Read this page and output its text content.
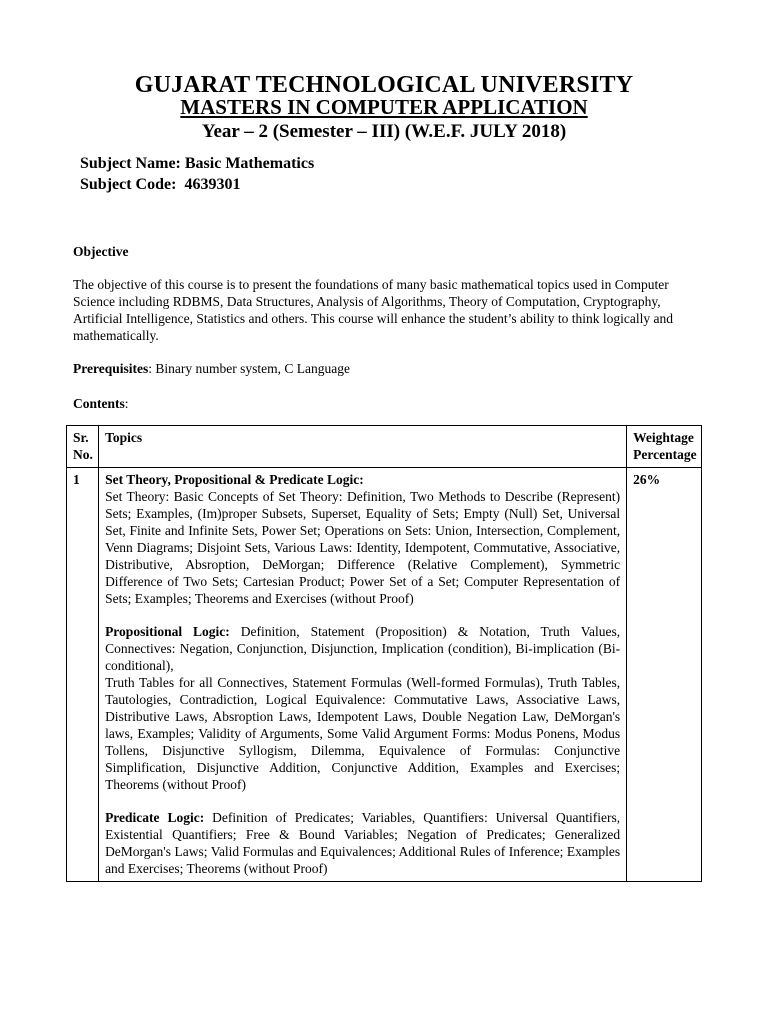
GUJARAT TECHNOLOGICAL UNIVERSITY
MASTERS IN COMPUTER APPLICATION
Year – 2 (Semester – III) (W.E.F. JULY 2018)
Subject Name: Basic Mathematics
Subject Code: 4639301
Objective
The objective of this course is to present the foundations of many basic mathematical topics used in Computer Science including RDBMS, Data Structures, Analysis of Algorithms, Theory of Computation, Cryptography, Artificial Intelligence, Statistics and others. This course will enhance the student’s ability to think logically and mathematically.
Prerequisites: Binary number system, C Language
Contents:
Sr. No.	Topics	Weightage Percentage
1	Set Theory, Propositional & Predicate Logic:
Set Theory: Basic Concepts of Set Theory: Definition, Two Methods to Describe (Represent) Sets; Examples, (Im)proper Subsets, Superset, Equality of Sets; Empty (Null) Set, Universal Set, Finite and Infinite Sets, Power Set; Operations on Sets: Union, Intersection, Complement, Venn Diagrams; Disjoint Sets, Various Laws: Identity, Idempotent, Commutative, Associative, Distributive, Absroption, DeMorgan; Difference (Relative Complement), Symmetric Difference of Two Sets; Cartesian Product; Power Set of a Set; Computer Representation of Sets; Examples; Theorems and Exercises (without Proof)

Propositional Logic: Definition, Statement (Proposition) & Notation, Truth Values, Connectives: Negation, Conjunction, Disjunction, Implication (condition), Bi-implication (Bi-conditional),
Truth Tables for all Connectives, Statement Formulas (Well-formed Formulas), Truth Tables, Tautologies, Contradiction, Logical Equivalence: Commutative Laws, Associative Laws, Distributive Laws, Absroption Laws, Idempotent Laws, Double Negation Law, DeMorgan's laws, Examples; Validity of Arguments, Some Valid Argument Forms: Modus Ponens, Modus Tollens, Disjunctive Syllogism, Dilemma, Equivalence of Formulas: Conjunctive Simplification, Disjunctive Addition, Conjunctive Addition, Examples and Exercises; Theorems (without Proof)

Predicate Logic: Definition of Predicates; Variables, Quantifiers: Universal Quantifiers, Existential Quantifiers; Free & Bound Variables; Negation of Predicates; Generalized DeMorgan's Laws; Valid Formulas and Equivalences; Additional Rules of Inference; Examples and Exercises; Theorems (without Proof)	26%
